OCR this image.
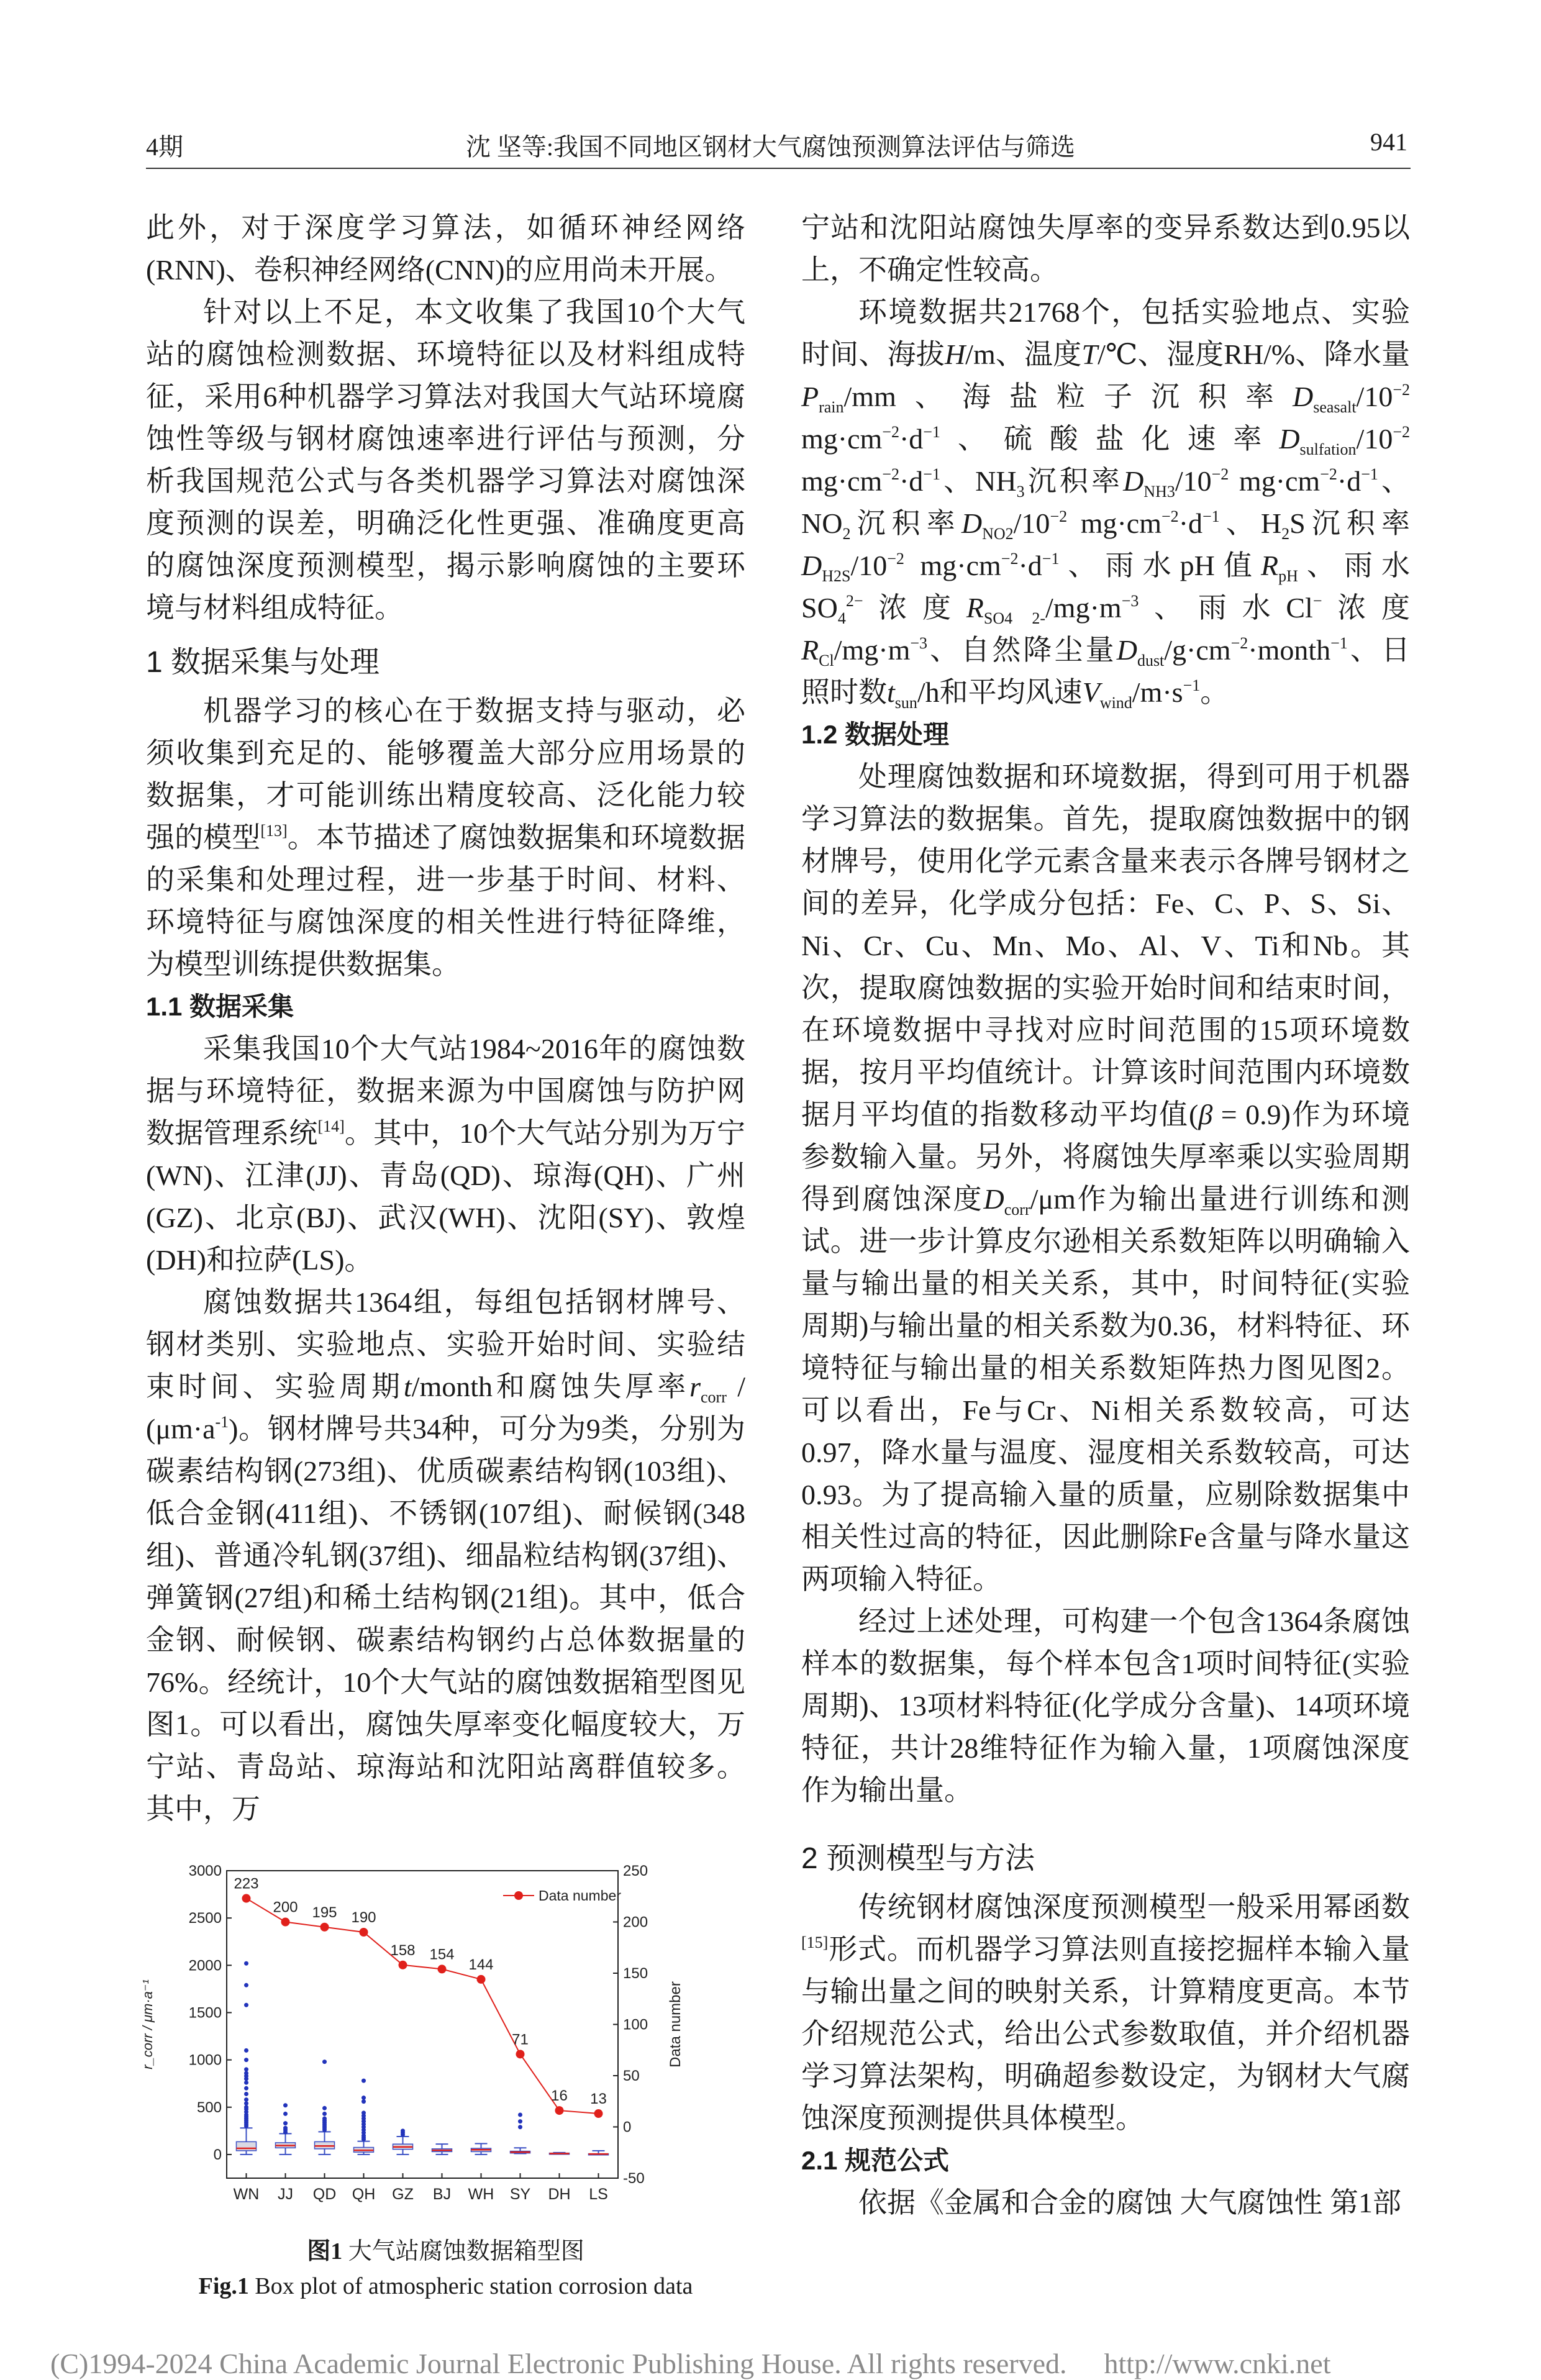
4期	沈 坚等:我国不同地区钢材大气腐蚀预测算法评估与筛选	941

此外，对于深度学习算法，如循环神经网络(RNN)、卷积神经网络(CNN)的应用尚未开展。

针对以上不足，本文收集了我国10个大气站的腐蚀检测数据、环境特征以及材料组成特征，采用6种机器学习算法对我国大气站环境腐蚀性等级与钢材腐蚀速率进行评估与预测，分析我国规范公式与各类机器学习算法对腐蚀深度预测的误差，明确泛化性更强、准确度更高的腐蚀深度预测模型，揭示影响腐蚀的主要环境与材料组成特征。

1 数据采集与处理

机器学习的核心在于数据支持与驱动，必须收集到充足的、能够覆盖大部分应用场景的数据集，才可能训练出精度较高、泛化能力较强的模型[13]。本节描述了腐蚀数据集和环境数据的采集和处理过程，进一步基于时间、材料、环境特征与腐蚀深度的相关性进行特征降维，为模型训练提供数据集。

1.1 数据采集

采集我国10个大气站1984~2016年的腐蚀数据与环境特征，数据来源为中国腐蚀与防护网数据管理系统[14]。其中，10个大气站分别为万宁(WN)、江津(JJ)、青岛(QD)、琼海(QH)、广州(GZ)、北京(BJ)、武汉(WH)、沈阳(SY)、敦煌(DH)和拉萨(LS)。

腐蚀数据共1364组，每组包括钢材牌号、钢材类别、实验地点、实验开始时间、实验结束时间、实验周期t/month和腐蚀失厚率$r_{corr} / (\mu m\cdot a^{-1})$。钢材牌号共34种，可分为9类，分别为碳素结构钢(273组)、优质碳素结构钢(103组)、低合金钢(411组)、不锈钢(107组)、耐候钢(348组)、普通冷轧钢(37组)、细晶粒结构钢(37组)、弹簧钢(27组)和稀土结构钢(21组)。其中，低合金钢、耐候钢、碳素结构钢约占总体数据量的76%。经统计，10个大气站的腐蚀数据箱型图见图1。可以看出，腐蚀失厚率变化幅度较大，万宁站、青岛站、琼海站和沈阳站离群值较多。其中，万

0
500
1000
1500
2000
2500
3000
-50
0
50
100
150
200
250
r_corr / μm·a⁻¹	Data number
WN JJ QD QH GZ BJ WH SY DH LS
223
200 195 190
158 154
144
71
16 13
Data number
图1 大气站腐蚀数据箱型图
Fig.1 Box plot of atmospheric station corrosion data

宁站和沈阳站腐蚀失厚率的变异系数达到0.95以上，不确定性较高。

环境数据共21768个，包括实验地点、实验时间、海拔H/m、温度T/℃、湿度RH/%、降水量$P_{rain}/mm$、海盐粒子沉积率$D_{seasalt}/10^{-2}$ $mg\cdot cm^{-2}\cdot d^{-1}$、硫酸盐化速率$D_{sulfation}/10^{-2}$ $mg\cdot cm^{-2}\cdot d^{-1}$、$NH_3$沉积率$D_{NH3}/10^{-2}$ $mg\cdot cm^{-2}\cdot d^{-1}$、$NO_2$沉积率$D_{NO2}/10^{-2}$ $mg\cdot cm^{-2}\cdot d^{-1}$、$H_2S$沉积率$D_{H2S}/10^{-2}$ $mg\cdot cm^{-2}\cdot d^{-1}$、雨水pH值$R_{pH}$、雨水$SO_4^{2-}$浓度$R_{SO4 2-}/mg\cdot m^{-3}$、雨水Cl−浓度$R_{Cl}/mg\cdot m^{-3}$、自然降尘量$D_{dust}/g\cdot cm^{-2}\cdot month^{-1}$、日照时数$t_{sun}/h$和平均风速$V_{wind}/m\cdot s^{-1}$。

1.2 数据处理

处理腐蚀数据和环境数据，得到可用于机器学习算法的数据集。首先，提取腐蚀数据中的钢材牌号，使用化学元素含量来表示各牌号钢材之间的差异，化学成分包括：Fe、C、P、S、Si、Ni、Cr、Cu、Mn、Mo、Al、V、Ti和Nb。其次，提取腐蚀数据的实验开始时间和结束时间，在环境数据中寻找对应时间范围的15项环境数据，按月平均值统计。计算该时间范围内环境数据月平均值的指数移动平均值(β = 0.9)作为环境参数输入量。另外，将腐蚀失厚率乘以实验周期得到腐蚀深度$D_{corr}/\mu m$作为输出量进行训练和测试。进一步计算皮尔逊相关系数矩阵以明确输入量与输出量的相关关系，其中，时间特征(实验周期)与输出量的相关系数为0.36，材料特征、环境特征与输出量的相关系数矩阵热力图见图2。可以看出，Fe与Cr、Ni相关系数较高，可达0.97，降水量与温度、湿度相关系数较高，可达0.93。为了提高输入量的质量，应剔除数据集中相关性过高的特征，因此删除Fe含量与降水量这两项输入特征。

经过上述处理，可构建一个包含1364条腐蚀样本的数据集，每个样本包含1项时间特征(实验周期)、13项材料特征(化学成分含量)、14项环境特征，共计28维特征作为输入量，1项腐蚀深度作为输出量。

2 预测模型与方法

传统钢材腐蚀深度预测模型一般采用幂函数[15]形式。而机器学习算法则直接挖掘样本输入量与输出量之间的映射关系，计算精度更高。本节介绍规范公式，给出公式参数取值，并介绍机器学习算法架构，明确超参数设定，为钢材大气腐蚀深度预测提供具体模型。

2.1 规范公式

依据《金属和合金的腐蚀 大气腐蚀性 第1部

(C)1994-2024 China Academic Journal Electronic Publishing House. All rights reserved. http://www.cnki.net
